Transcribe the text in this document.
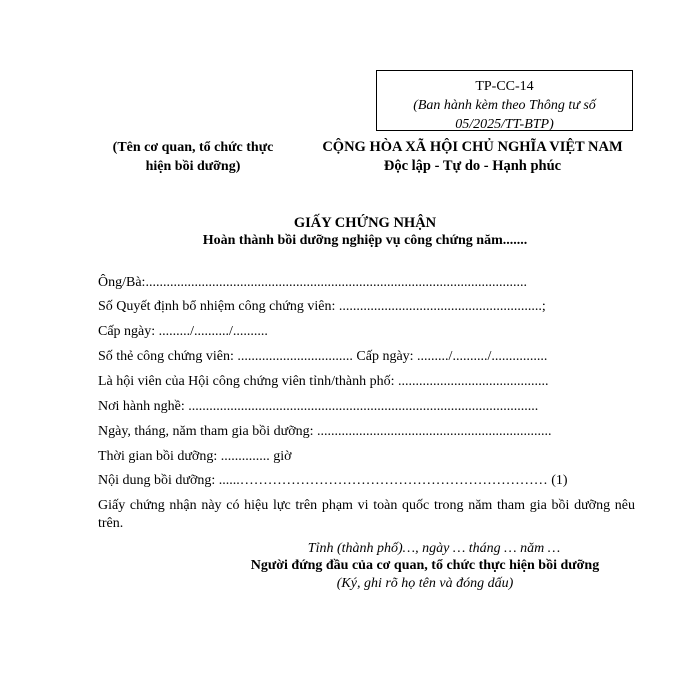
TP-CC-14
(Ban hành kèm theo Thông tư số
05/2025/TT-BTP)
(Tên cơ quan, tổ chức thực
hiện bồi dưỡng)
CỘNG HÒA XÃ HỘI CHỦ NGHĨA VIỆT NAM
Độc lập - Tự do - Hạnh phúc
GIẤY CHỨNG NHẬN
Hoàn thành bồi dưỡng nghiệp vụ công chứng năm.......
Ông/Bà:.............................................................................................................
Số Quyết định bổ nhiệm công chứng viên: ..........................................................;
Cấp ngày: ........./........../..........
Số thẻ công chứng viên: ................................. Cấp ngày: ........./........../................
Là hội viên của Hội công chứng viên tỉnh/thành phố: ...........................................
Nơi hành nghề: ....................................................................................................
Ngày, tháng, năm tham gia bồi dưỡng: ...................................................................
Thời gian bồi dưỡng: .............. giờ
Nội dung bồi dưỡng: ......………………………………………………………… (1)
Giấy chứng nhận này có hiệu lực trên phạm vi toàn quốc trong năm tham gia bồi dưỡng nêu trên.
Tỉnh (thành phố)…, ngày … tháng … năm …
Người đứng đầu của cơ quan, tổ chức thực hiện bồi dưỡng
(Ký, ghi rõ họ tên và đóng dấu)
